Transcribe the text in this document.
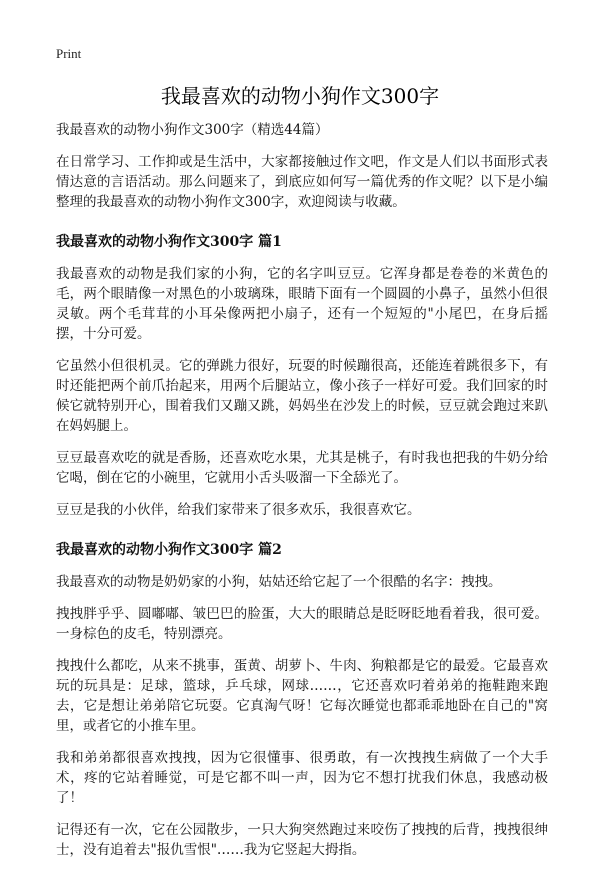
Print
我最喜欢的动物小狗作文300字

我最喜欢的动物小狗作文300字（精选44篇）

在日常学习、工作抑或是生活中，大家都接触过作文吧，作文是人们以书面形式表情达意的言语活动。那么问题来了，到底应如何写一篇优秀的作文呢？以下是小编整理的我最喜欢的动物小狗作文300字，欢迎阅读与收藏。

我最喜欢的动物小狗作文300字 篇1

我最喜欢的动物是我们家的小狗，它的名字叫豆豆。它浑身都是卷卷的米黄色的毛，两个眼睛像一对黑色的小玻璃珠，眼睛下面有一个圆圆的小鼻子，虽然小但很灵敏。两个毛茸茸的小耳朵像两把小扇子，还有一个短短的"小尾巴，在身后摇摆，十分可爱。

它虽然小但很机灵。它的弹跳力很好，玩耍的时候蹦很高，还能连着跳很多下，有时还能把两个前爪抬起来，用两个后腿站立，像小孩子一样好可爱。我们回家的时候它就特别开心，围着我们又蹦又跳，妈妈坐在沙发上的时候，豆豆就会跑过来趴在妈妈腿上。

豆豆最喜欢吃的就是香肠，还喜欢吃水果，尤其是桃子，有时我也把我的牛奶分给它喝，倒在它的小碗里，它就用小舌头吸溜一下全舔光了。

豆豆是我的小伙伴，给我们家带来了很多欢乐，我很喜欢它。

我最喜欢的动物小狗作文300字 篇2

我最喜欢的动物是奶奶家的小狗，姑姑还给它起了一个很酷的名字：拽拽。

拽拽胖乎乎、圆嘟嘟、皱巴巴的脸蛋，大大的眼睛总是眨呀眨地看着我，很可爱。一身棕色的皮毛，特别漂亮。

拽拽什么都吃，从来不挑事，蛋黄、胡萝卜、牛肉、狗粮都是它的最爱。它最喜欢玩的玩具是：足球，篮球，乒乓球，网球……，它还喜欢叼着弟弟的拖鞋跑来跑去，它是想让弟弟陪它玩耍。它真淘气呀！它每次睡觉也都乖乖地卧在自己的"窝里，或者它的小推车里。

我和弟弟都很喜欢拽拽，因为它很懂事、很勇敢，有一次拽拽生病做了一个大手术，疼的它站着睡觉，可是它都不叫一声，因为它不想打扰我们休息，我感动极了！

记得还有一次，它在公园散步，一只大狗突然跑过来咬伤了拽拽的后背，拽拽很绅士，没有追着去"报仇雪恨"……我为它竖起大拇指。
